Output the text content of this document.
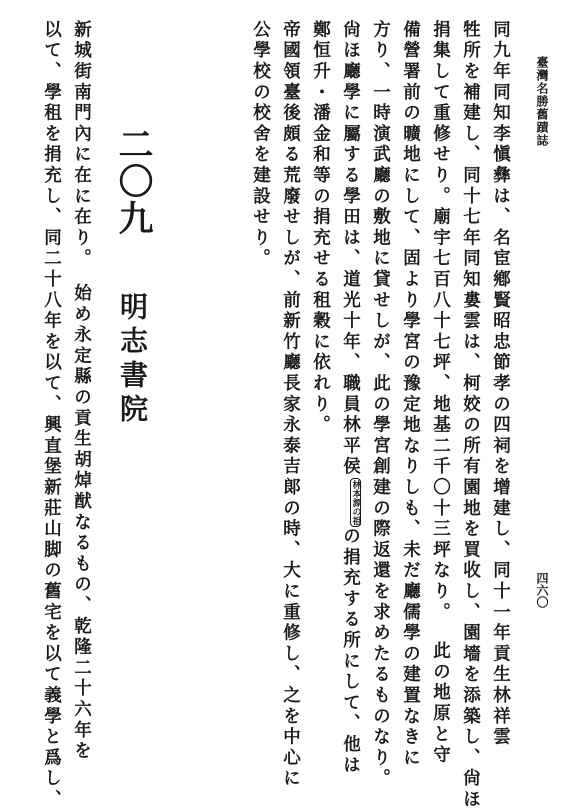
臺灣名勝舊蹟誌
四六〇
同九年同知李愼彝は、名宦鄕賢昭忠節孝の四祠を增建し、同十一年貢生林祥雲
牲所を補建し、同十七年同知婁雲は、柯姣の所有園地を買收し、園墻を添築し、尙ほ
捐集して重修せり。廟宇七百八十七坪、地基二千〇十三坪なり。此の地原と守
備營署前の曠地にして、固より學宮の豫定地なりしも、未だ廳儒學の建置なきに
方り、一時演武廳の敷地に貸せしが、此の學宮創建の際返還を求めたるものなり。
尙ほ廳學に屬する學田は、道光十年、職員林平侯林本源の祖の捐充する所にして、他は
鄭恒升・潘金和等の捐充せる租穀に依れり。
帝國領臺後頗る荒廢せしが、前新竹廳長家永泰吉郞の時、大に重修し、之を中心に
公學校の校舍を建設せり。
二〇九
明志書院
新城街南門內に在に在り。始め永定縣の貢生胡焯猷なるもの、乾隆二十六年を
以て、學租を捐充し、同二十八年を以て、興直堡新莊山脚の舊宅を以て義學と爲し、
